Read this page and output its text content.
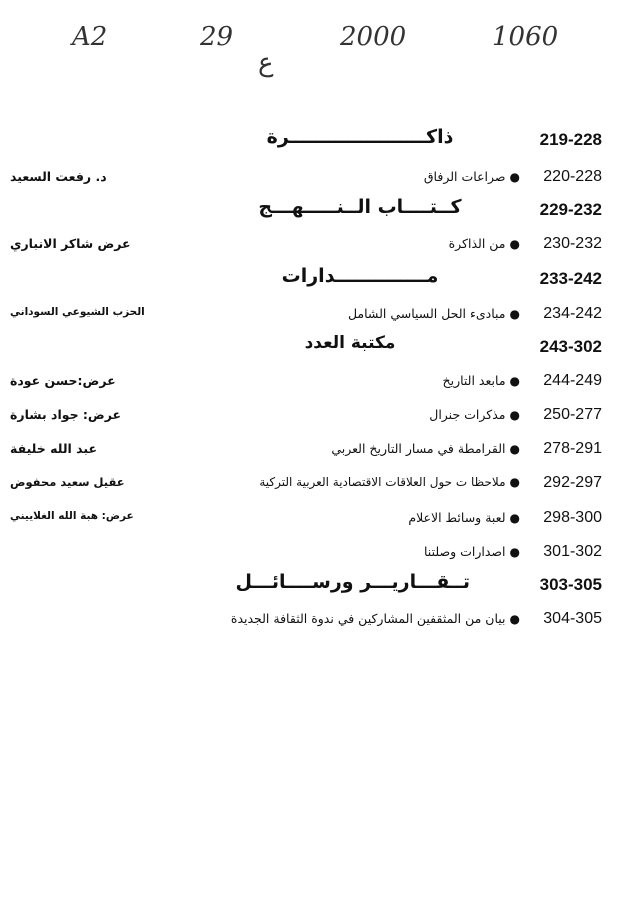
A2	29
ع
2000	1060
219-228
ذاكـــــــــــــــــــــرة
220-228
●صراعات الرفاق
د. رفعت السعيد
229-232
كــتــــاب الــنـــــهـــج
230-232
●من الذاكرة
عرض شاكر الانباري
233-242
مــــــــــــــدارات
234-242
●مبادىء الحل السياسي الشامل
الحزب الشيوعي السوداني
243-302
مكتبة العدد
244-249
●مابعد التاريخ
عرض:حسن عودة
250-277
●مذكرات جنرال
عرض: جواد بشارة
278-291
●القرامطة في مسار التاريخ العربي
عبد الله خليفة
292-297
●ملاحظا ت حول العلاقات الاقتصادية العربية التركية
عقيل سعيد محفوض
298-300
●لعبة وسائط الاعلام
عرض: هبة الله الغلاييني
301-302
●اصدارات وصلتنا
303-305
تــقـــاريـــر ورســــائـــل
304-305
●بيان من المثقفين المشاركين في ندوة الثقافة الجديدة
